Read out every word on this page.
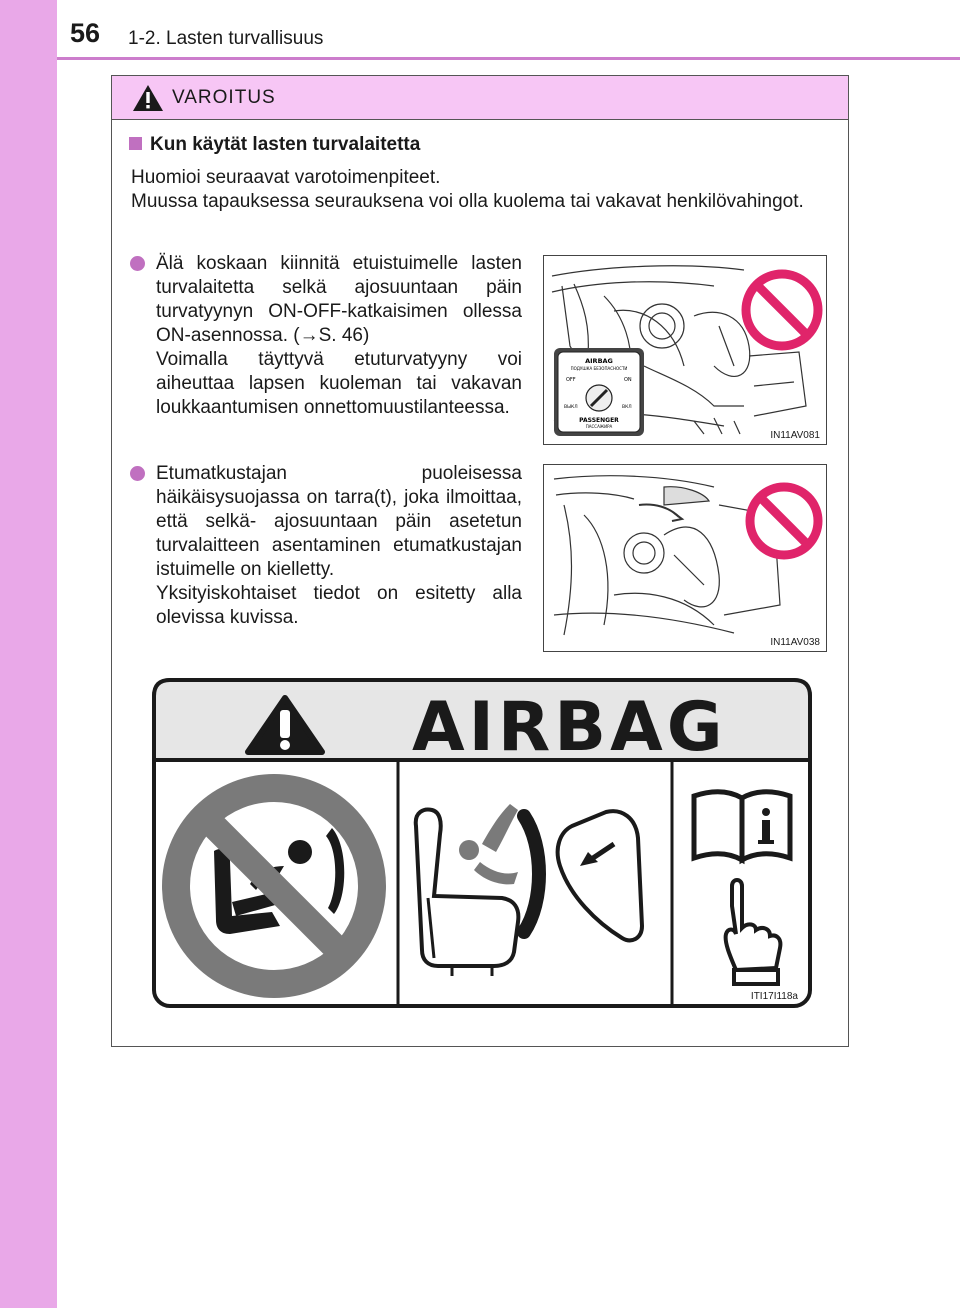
56 1-2. Lasten turvallisuus
VAROITUS
Kun käytät lasten turvalaitetta

Huomioi seuraavat varotoimenpiteet.

Muussa tapauksessa seurauksena voi olla kuolema tai vakavat henkilövahingot.

Älä koskaan kiinnitä etuistuimelle lasten turvalaitetta selkä ajosuuntaan päin turvatyynyn ON-OFF-katkaisimen ollessa ON-asennossa. (→S. 46)

Voimalla täyttyvä etuturvatyyny voi aiheuttaa lapsen kuoleman tai vakavan loukkaantumisen onnettomuustilanteessa.

AIRBAG
ПОДУШКА БЕЗОПАСНОСТИ
OFF	ON
ВЫКЛ	ВКЛ
PASSENGER
ПАССАЖИРА
IN11AV081

Etumatkustajan puoleisessa häikäisysuojassa on tarra(t), joka ilmoittaa, että selkä- ajosuuntaan päin asetetun turvalaitteen asentaminen etumatkustajan istuimelle on kielletty.

Yksityiskohtaiset tiedot on esitetty alla olevissa kuvissa.

IN11AV038
ITI17I118a
AIRBAG
